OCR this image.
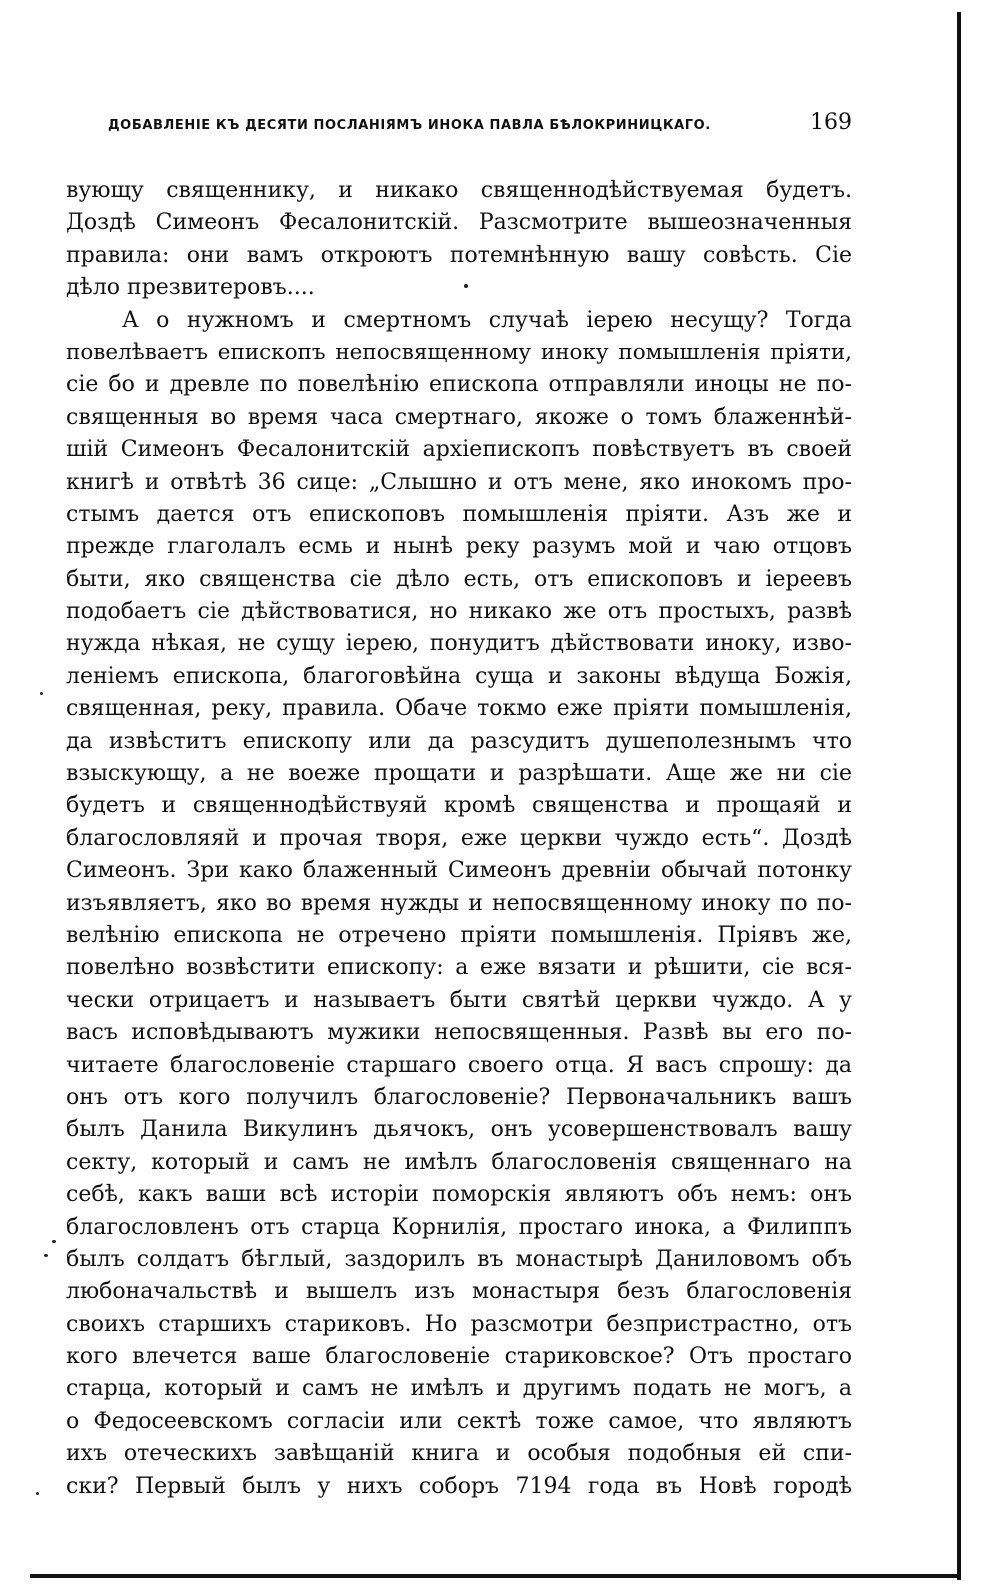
ДОБАВЛЕНІЕ КЪ ДЕСЯТИ ПОСЛАНІЯМЪ ИНОКА ПАВЛА БѢЛОКРИНИЦКАГО.	169
вующу священнику, и никако священнодѣйствуемая будетъ.
Доздѣ Симеонъ Фесалонитскій. Разсмотрите вышеозначенныя
правила: они вамъ откроютъ потемнѣнную вашу совѣсть. Сіе
дѣло презвитеровъ....
А о нужномъ и смертномъ случаѣ іерею несущу? Тогда
повелѣваетъ епископъ непосвященному иноку помышленія пріяти,
сіе бо и древле по повелѣнію епископа отправляли иноцы не по-
священныя во время часа смертнаго, якоже о томъ блаженнѣй-
шій Симеонъ Фесалонитскій архіепископъ повѣствуетъ въ своей
книгѣ и отвѣтѣ 36 сице: „Слышно и отъ мене, яко инокомъ про-
стымъ дается отъ епископовъ помышленія пріяти. Азъ же и
прежде глаголалъ есмь и нынѣ реку разумъ мой и чаю отцовъ
быти, яко священства сіе дѣло есть, отъ епископовъ и іереевъ
подобаетъ сіе дѣйствоватися, но никако же отъ простыхъ, развѣ
нужда нѣкая, не сущу іерею, понудитъ дѣйствовати иноку, изво-
леніемъ епископа, благоговѣйна суща и законы вѣдуща Божія,
священная, реку, правила. Обаче токмо еже пріяти помышленія,
да извѣститъ епископу или да разсудитъ душеполезнымъ что
взыскующу, а не воеже прощати и разрѣшати. Аще же ни сіе
будетъ и священнодѣйствуяй кромѣ священства и прощаяй и
благословляяй и прочая творя, еже церкви чуждо есть“. Доздѣ
Симеонъ. Зри како блаженный Симеонъ древніи обычай потонку
изъявляетъ, яко во время нужды и непосвященному иноку по по-
велѣнію епископа не отречено пріяти помышленія. Пріявъ же,
повелѣно возвѣстити епископу: а еже вязати и рѣшити, сіе вся-
чески отрицаетъ и называетъ быти святѣй церкви чуждо. А у
васъ исповѣдываютъ мужики непосвященныя. Развѣ вы его по-
читаете благословеніе старшаго своего отца. Я васъ спрошу: да
онъ отъ кого получилъ благословеніе? Первоначальникъ вашъ
былъ Данила Викулинъ дьячокъ, онъ усовершенствовалъ вашу
секту, который и самъ не имѣлъ благословенія священнаго на
себѣ, какъ ваши всѣ исторіи поморскія являютъ объ немъ: онъ
благословленъ отъ старца Корнилія, простаго инока, а Филиппъ
былъ солдатъ бѣглый, заздорилъ въ монастырѣ Даниловомъ объ
любоначальствѣ и вышелъ изъ монастыря безъ благословенія
своихъ старшихъ стариковъ. Но разсмотри безпристрастно, отъ
кого влечется ваше благословеніе стариковское? Отъ простаго
старца, который и самъ не имѣлъ и другимъ подать не могъ, а
о Федосеевскомъ согласіи или сектѣ тоже самое, что являютъ
ихъ отеческихъ завѣщаній книга и особыя подобныя ей спи-
ски? Первый былъ у нихъ соборъ 7194 года въ Новѣ городѣ
